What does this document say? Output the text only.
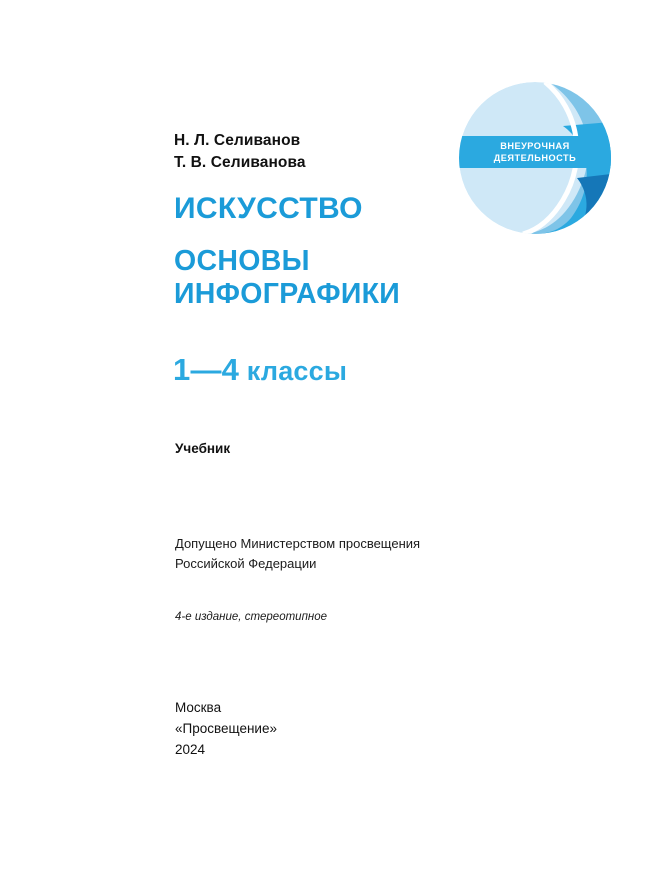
Н. Л. Селиванов
Т. В. Селиванова
ИСКУССТВО
ОСНОВЫ
ИНФОГРАФИКИ
1—4 классы
Учебник
Допущено Министерством просвещения
Российской Федерации
4-е издание, стереотипное
Москва
«Просвещение»
2024
ВНЕУРОЧНАЯ
ДЕЯТЕЛЬНОСТЬ
